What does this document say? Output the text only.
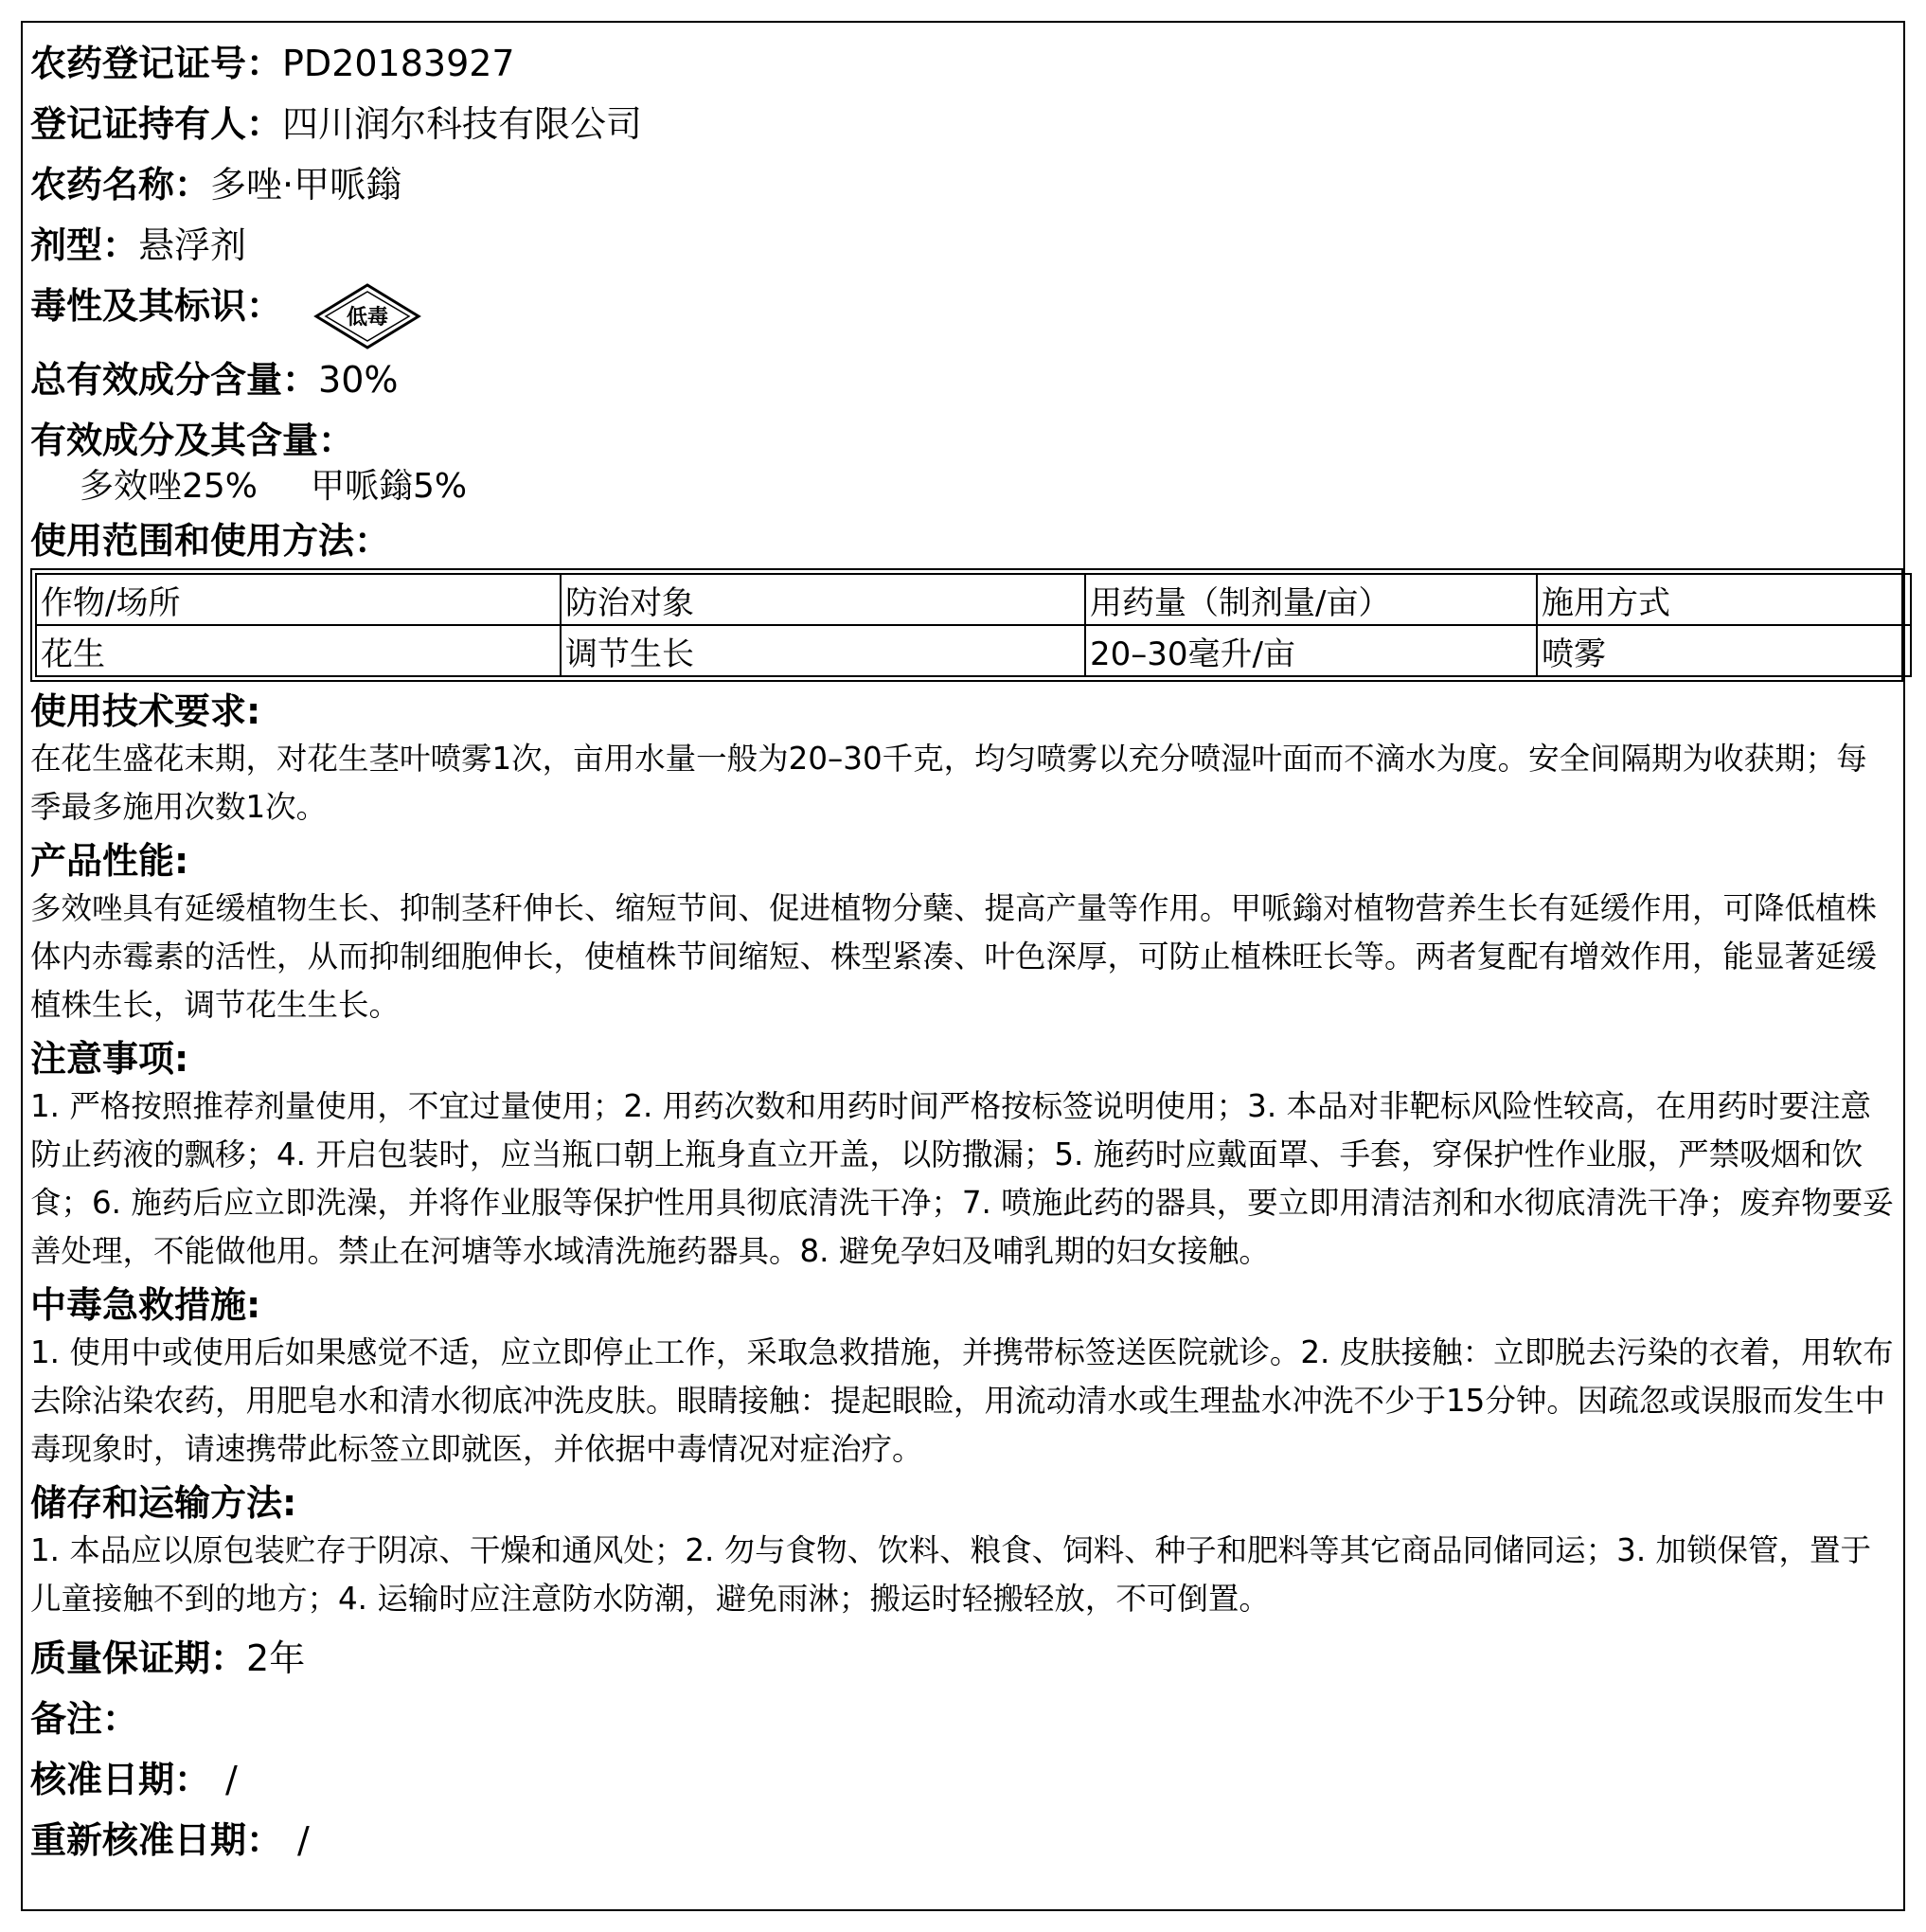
农药登记证号：PD20183927
登记证持有人：四川润尔科技有限公司
农药名称：多唑·甲哌鎓
剂型：悬浮剂
毒性及其标识：	低毒
总有效成分含量：30%
有效成分及其含量：
多效唑25% 甲哌鎓5%
使用范围和使用方法：
作物/场所	防治对象	用药量（制剂量/亩）	施用方式
花生	调节生长	20–30毫升/亩	喷雾
使用技术要求:

在花生盛花末期，对花生茎叶喷雾1次，亩用水量一般为20–30千克，均匀喷雾以充分喷湿叶面而不滴水为度。安全间隔期为收获期；每季最多施用次数1次。

产品性能:

多效唑具有延缓植物生长、抑制茎秆伸长、缩短节间、促进植物分蘖、提高产量等作用。甲哌鎓对植物营养生长有延缓作用，可降低植株体内赤霉素的活性，从而抑制细胞伸长，使植株节间缩短、株型紧凑、叶色深厚，可防止植株旺长等。两者复配有增效作用，能显著延缓植株生长，调节花生生长。

注意事项:

1. 严格按照推荐剂量使用，不宜过量使用；2. 用药次数和用药时间严格按标签说明使用；3. 本品对非靶标风险性较高，在用药时要注意防止药液的飘移；4. 开启包装时，应当瓶口朝上瓶身直立开盖，以防撒漏；5. 施药时应戴面罩、手套，穿保护性作业服，严禁吸烟和饮食；6. 施药后应立即洗澡，并将作业服等保护性用具彻底清洗干净；7. 喷施此药的器具，要立即用清洁剂和水彻底清洗干净；废弃物要妥善处理，不能做他用。禁止在河塘等水域清洗施药器具。8. 避免孕妇及哺乳期的妇女接触。

中毒急救措施:

1. 使用中或使用后如果感觉不适，应立即停止工作，采取急救措施，并携带标签送医院就诊。2. 皮肤接触：立即脱去污染的衣着，用软布去除沾染农药，用肥皂水和清水彻底冲洗皮肤。眼睛接触：提起眼睑，用流动清水或生理盐水冲洗不少于15分钟。因疏忽或误服而发生中毒现象时，请速携带此标签立即就医，并依据中毒情况对症治疗。

储存和运输方法:

1. 本品应以原包装贮存于阴凉、干燥和通风处；2. 勿与食物、饮料、粮食、饲料、种子和肥料等其它商品同储同运；3. 加锁保管，置于儿童接触不到的地方；4. 运输时应注意防水防潮，避免雨淋；搬运时轻搬轻放，不可倒置。

质量保证期：2年
备注：
核准日期： /
重新核准日期： /
